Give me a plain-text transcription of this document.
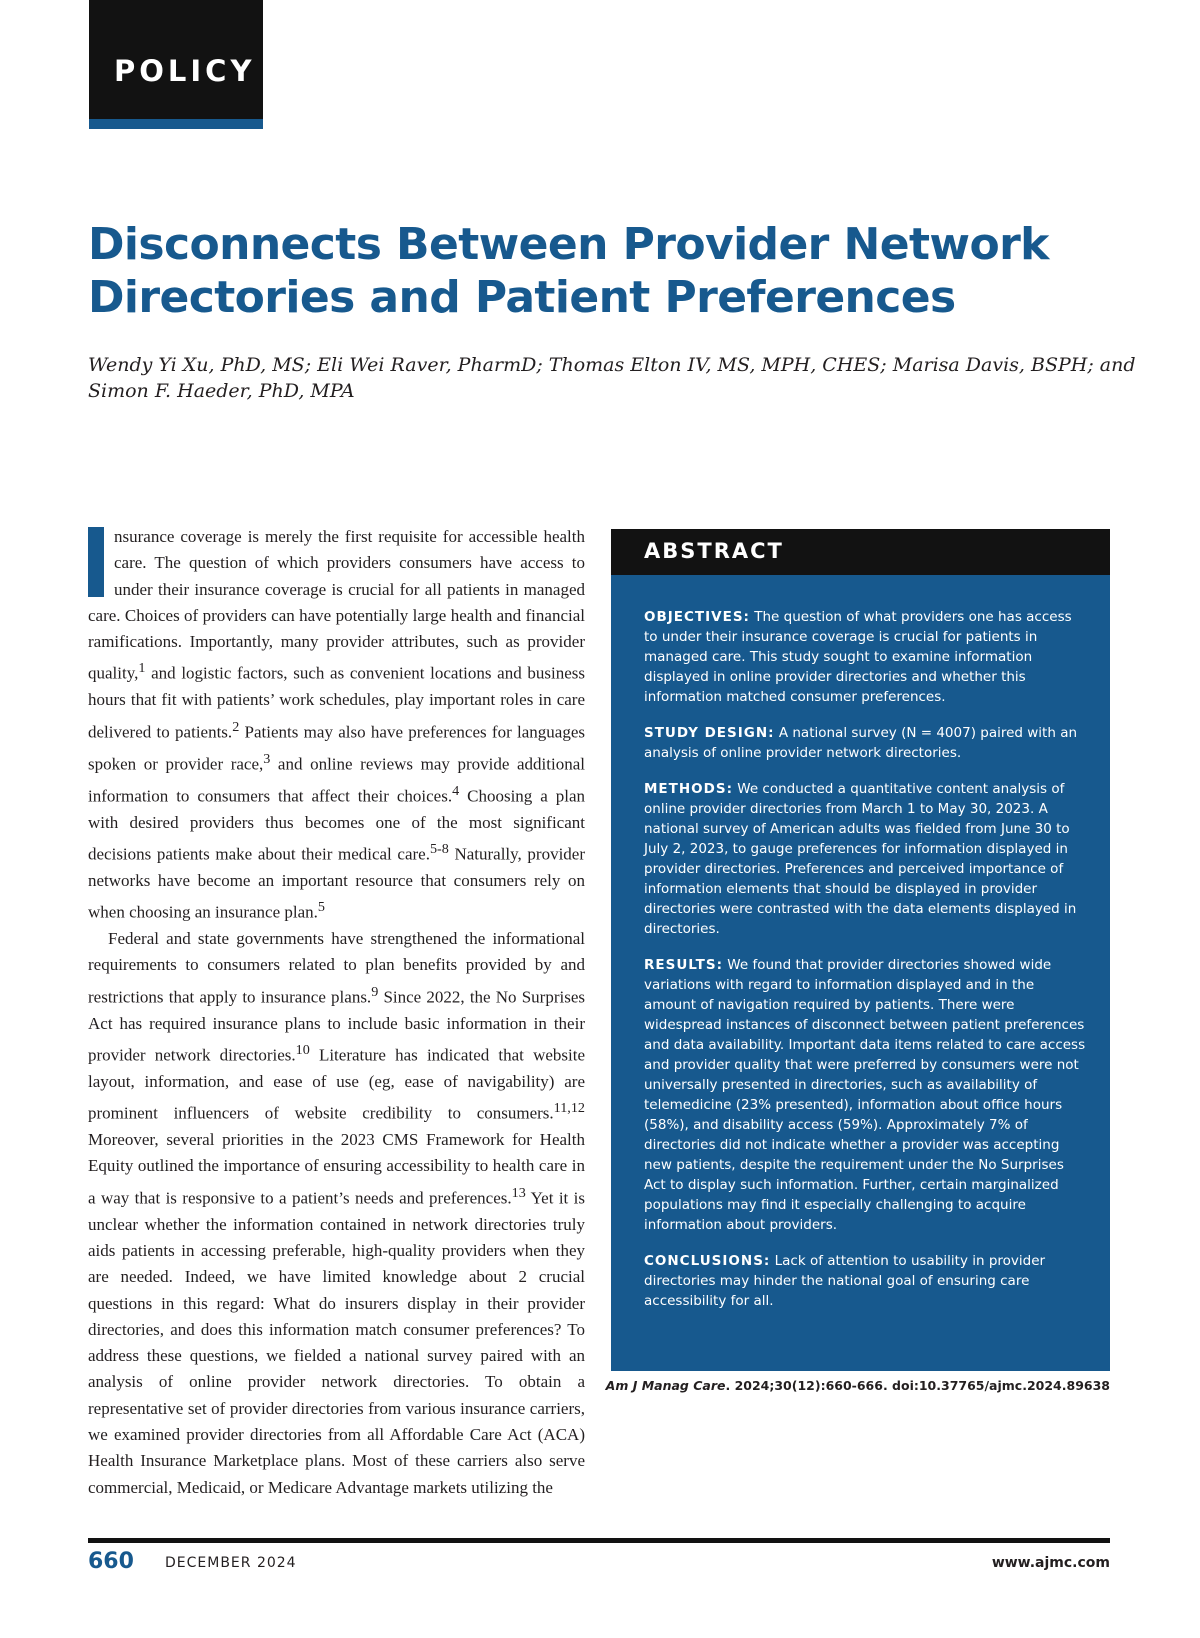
POLICY
Disconnects Between Provider Network Directories and Patient Preferences

Wendy Yi Xu, PhD, MS; Eli Wei Raver, PharmD; Thomas Elton IV, MS, MPH, CHES; Marisa Davis, BSPH; and Simon F. Haeder, PhD, MPA

nsurance coverage is merely the first requisite for accessible health care. The question of which providers consumers have access to under their insurance coverage is crucial for all patients in managed care. Choices of providers can have potentially large health and financial ramifications. Importantly, many provider attributes, such as provider quality,$^1$ and logistic factors, such as convenient locations and business hours that fit with patients’ work schedules, play important roles in care delivered to patients.$^2$ Patients may also have preferences for languages spoken or provider race,$^3$ and online reviews may provide additional information to consumers that affect their choices.$^4$ Choosing a plan with desired providers thus becomes one of the most significant decisions patients make about their medical care.$^{5-8}$ Naturally, provider networks have become an important resource that consumers rely on when choosing an insurance plan.$^5$

Federal and state governments have strengthened the informational requirements to consumers related to plan benefits provided by and restrictions that apply to insurance plans.$^9$ Since 2022, the No Surprises Act has required insurance plans to include basic information in their provider network directories.$^{10}$ Literature has indicated that website layout, information, and ease of use (eg, ease of navigability) are prominent influencers of website credibility to consumers.$^{11,12}$ Moreover, several priorities in the 2023 CMS Framework for Health Equity outlined the importance of ensuring accessibility to health care in a way that is responsive to a patient’s needs and preferences.$^{13}$ Yet it is unclear whether the information contained in network directories truly aids patients in accessing preferable, high-quality providers when they are needed. Indeed, we have limited knowledge about 2 crucial questions in this regard: What do insurers display in their provider directories, and does this information match consumer preferences? To address these questions, we fielded a national survey paired with an analysis of online provider network directories. To obtain a representative set of provider directories from various insurance carriers, we examined provider directories from all Affordable Care Act (ACA) Health Insurance Marketplace plans. Most of these carriers also serve commercial, Medicaid, or Medicare Advantage markets utilizing the

ABSTRACT

OBJECTIVES: The question of what providers one has access to under their insurance coverage is crucial for patients in managed care. This study sought to examine information displayed in online provider directories and whether this information matched consumer preferences.

STUDY DESIGN: A national survey (N = 4007) paired with an analysis of online provider network directories.

METHODS: We conducted a quantitative content analysis of online provider directories from March 1 to May 30, 2023. A national survey of American adults was fielded from June 30 to July 2, 2023, to gauge preferences for information displayed in provider directories. Preferences and perceived importance of information elements that should be displayed in provider directories were contrasted with the data elements displayed in directories.

RESULTS: We found that provider directories showed wide variations with regard to information displayed and in the amount of navigation required by patients. There were widespread instances of disconnect between patient preferences and data availability. Important data items related to care access and provider quality that were preferred by consumers were not universally presented in directories, such as availability of telemedicine (23% presented), information about office hours (58%), and disability access (59%). Approximately 7% of directories did not indicate whether a provider was accepting new patients, despite the requirement under the No Surprises Act to display such information. Further, certain marginalized populations may find it especially challenging to acquire information about providers.

CONCLUSIONS: Lack of attention to usability in provider directories may hinder the national goal of ensuring care accessibility for all.

Am J Manag Care. 2024;30(12):660-666. doi:10.37765/ajmc.2024.89638
660 DECEMBER 2024	www.ajmc.com
